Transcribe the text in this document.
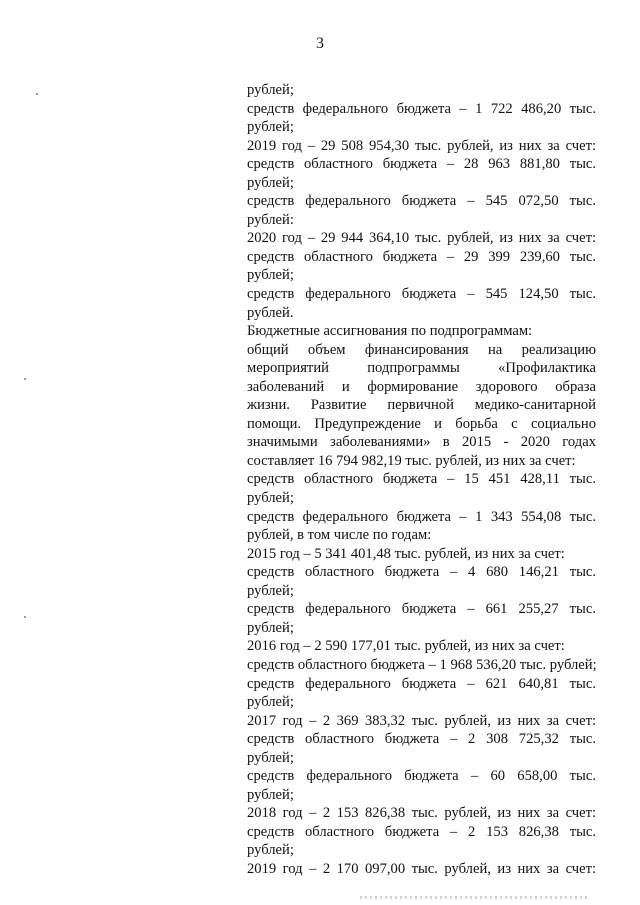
3
рублей;
средств федерального бюджета – 1 722 486,20 тыс.
рублей;
2019 год – 29 508 954,30 тыс. рублей, из них за счет:
средств областного бюджета – 28 963 881,80 тыс.
рублей;
средств федерального бюджета – 545 072,50 тыс.
рублей:
2020 год – 29 944 364,10 тыс. рублей, из них за счет:
средств областного бюджета – 29 399 239,60 тыс.
рублей;
средств федерального бюджета – 545 124,50 тыс.
рублей.
Бюджетные ассигнования по подпрограммам:
общий объем финансирования на реализацию
мероприятий подпрограммы «Профилактика
заболеваний и формирование здорового образа
жизни. Развитие первичной медико-санитарной
помощи. Предупреждение и борьба с социально
значимыми заболеваниями» в 2015 - 2020 годах
составляет 16 794 982,19 тыс. рублей, из них за счет:
средств областного бюджета – 15 451 428,11 тыс.
рублей;
средств федерального бюджета – 1 343 554,08 тыс.
рублей, в том числе по годам:
2015 год – 5 341 401,48 тыс. рублей, из них за счет:
средств областного бюджета – 4 680 146,21 тыс.
рублей;
средств федерального бюджета – 661 255,27 тыс.
рублей;
2016 год – 2 590 177,01 тыс. рублей, из них за счет:
средств областного бюджета – 1 968 536,20 тыс. рублей;
средств федерального бюджета – 621 640,81 тыс.
рублей;
2017 год – 2 369 383,32 тыс. рублей, из них за счет:
средств областного бюджета – 2 308 725,32 тыс.
рублей;
средств федерального бюджета – 60 658,00 тыс.
рублей;
2018 год – 2 153 826,38 тыс. рублей, из них за счет:
средств областного бюджета – 2 153 826,38 тыс.
рублей;
2019 год – 2 170 097,00 тыс. рублей, из них за счет:
